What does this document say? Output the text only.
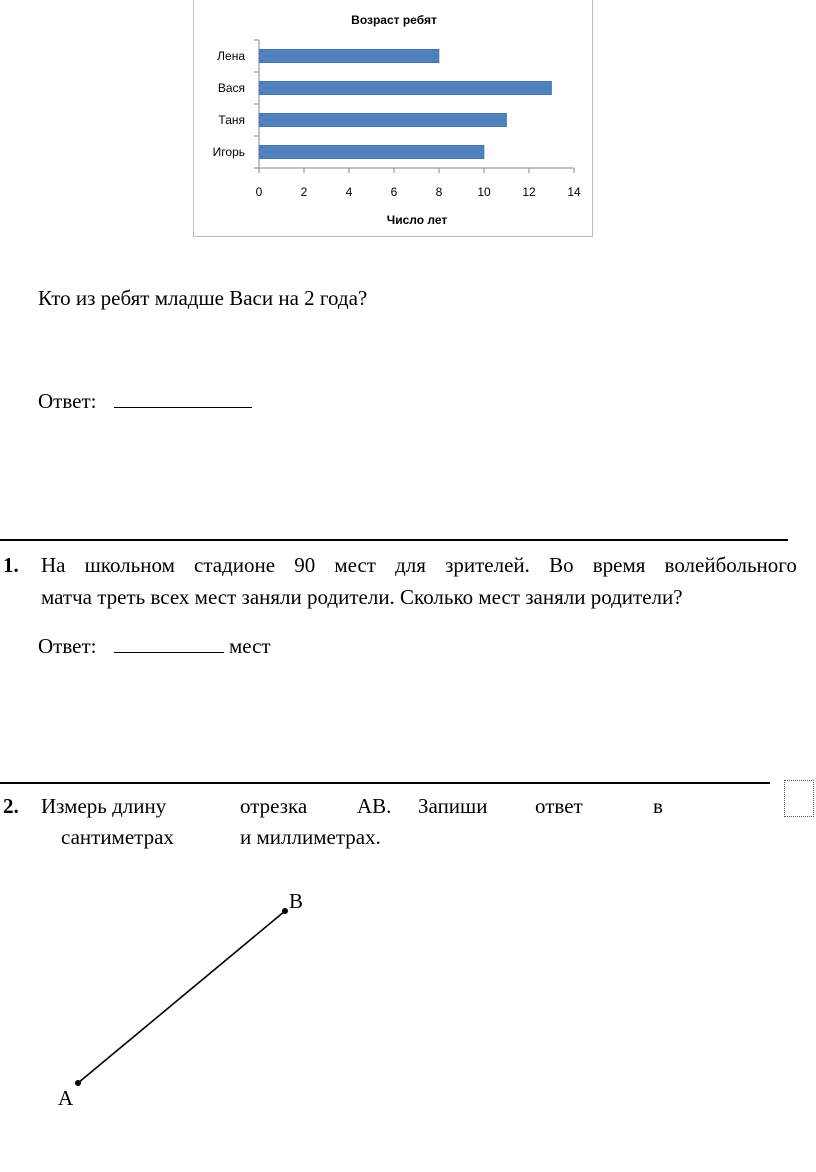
Возраст ребят
0	2	4	6	8	10	12	14
Лена
Вася
Таня
Игорь
Число лет
Кто из ребят младше Васи на 2 года?
Ответ:
1. На школьном стадионе 90 мест для зрителей. Во время волейбольного
матча треть всех мест заняли родители. Сколько мест заняли родители?
Ответ:	мест
2. Измерь длину	отрезка АВ. Запиши ответ	в
сантиметрах	и миллиметрах.
А
В
